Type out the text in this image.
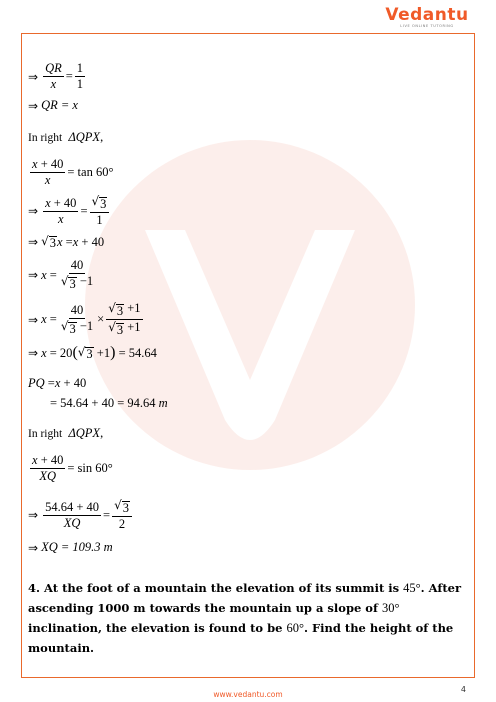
Vedantu
LIVE ONLINE TUTORING
⇒ $\frac{QR}{x} = \frac{1}{1}$
⇒ QR = x
In right
ΔQPX ,
$\frac{x + 40}{x} = \tan 60^\circ$
⇒ $\frac{x + 40}{x} = \frac{√ 3}{1}$
⇒ √ 3 x = x + 40
⇒ $x = \frac{40}{√ 3 -1}$
⇒ $x = \frac{40}{√ 3 -1} \times \frac{√ 3 +1}{√ 3 +1}$
⇒ x = 20 ( √ 3 +1 ) = 54.64
PQ = x + 40
= 54.64 + 40 = 94.64
m
In right
ΔQPX ,
$\frac{x + 40}{XQ} = \sin 60^\circ$
⇒ $\frac{54.64 + 40}{XQ} = \frac{√ 3}{2}$
⇒ XQ = 109.3
m
4. At the foot of a mountain the elevation of its summit is 45°. After ascending 1000 m towards the mountain up a slope of 30° inclination, the elevation is found to be 60°. Find the height of the mountain.
4
www.vedantu.com
